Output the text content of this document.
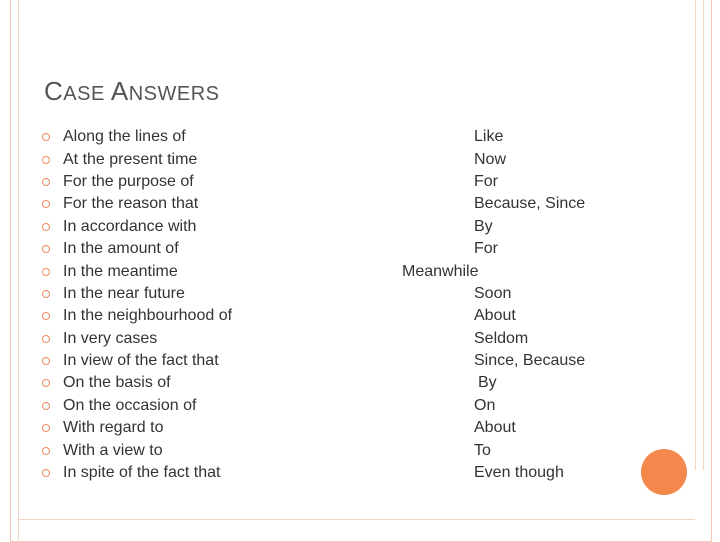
CASE ANSWERS
Along the lines of
At the present time
For the purpose of
For the reason that
In accordance with
In the amount of
In the meantime
In the near future
In the neighbourhood of
In very cases
In view of the fact that
On the basis of
On the occasion of
With regard to
With a view to
In spite of the fact that
Like
Now
For
Because, Since
By
For
Meanwhile
Soon
About
Seldom
Since, Because
By
On
About
To
Even though
